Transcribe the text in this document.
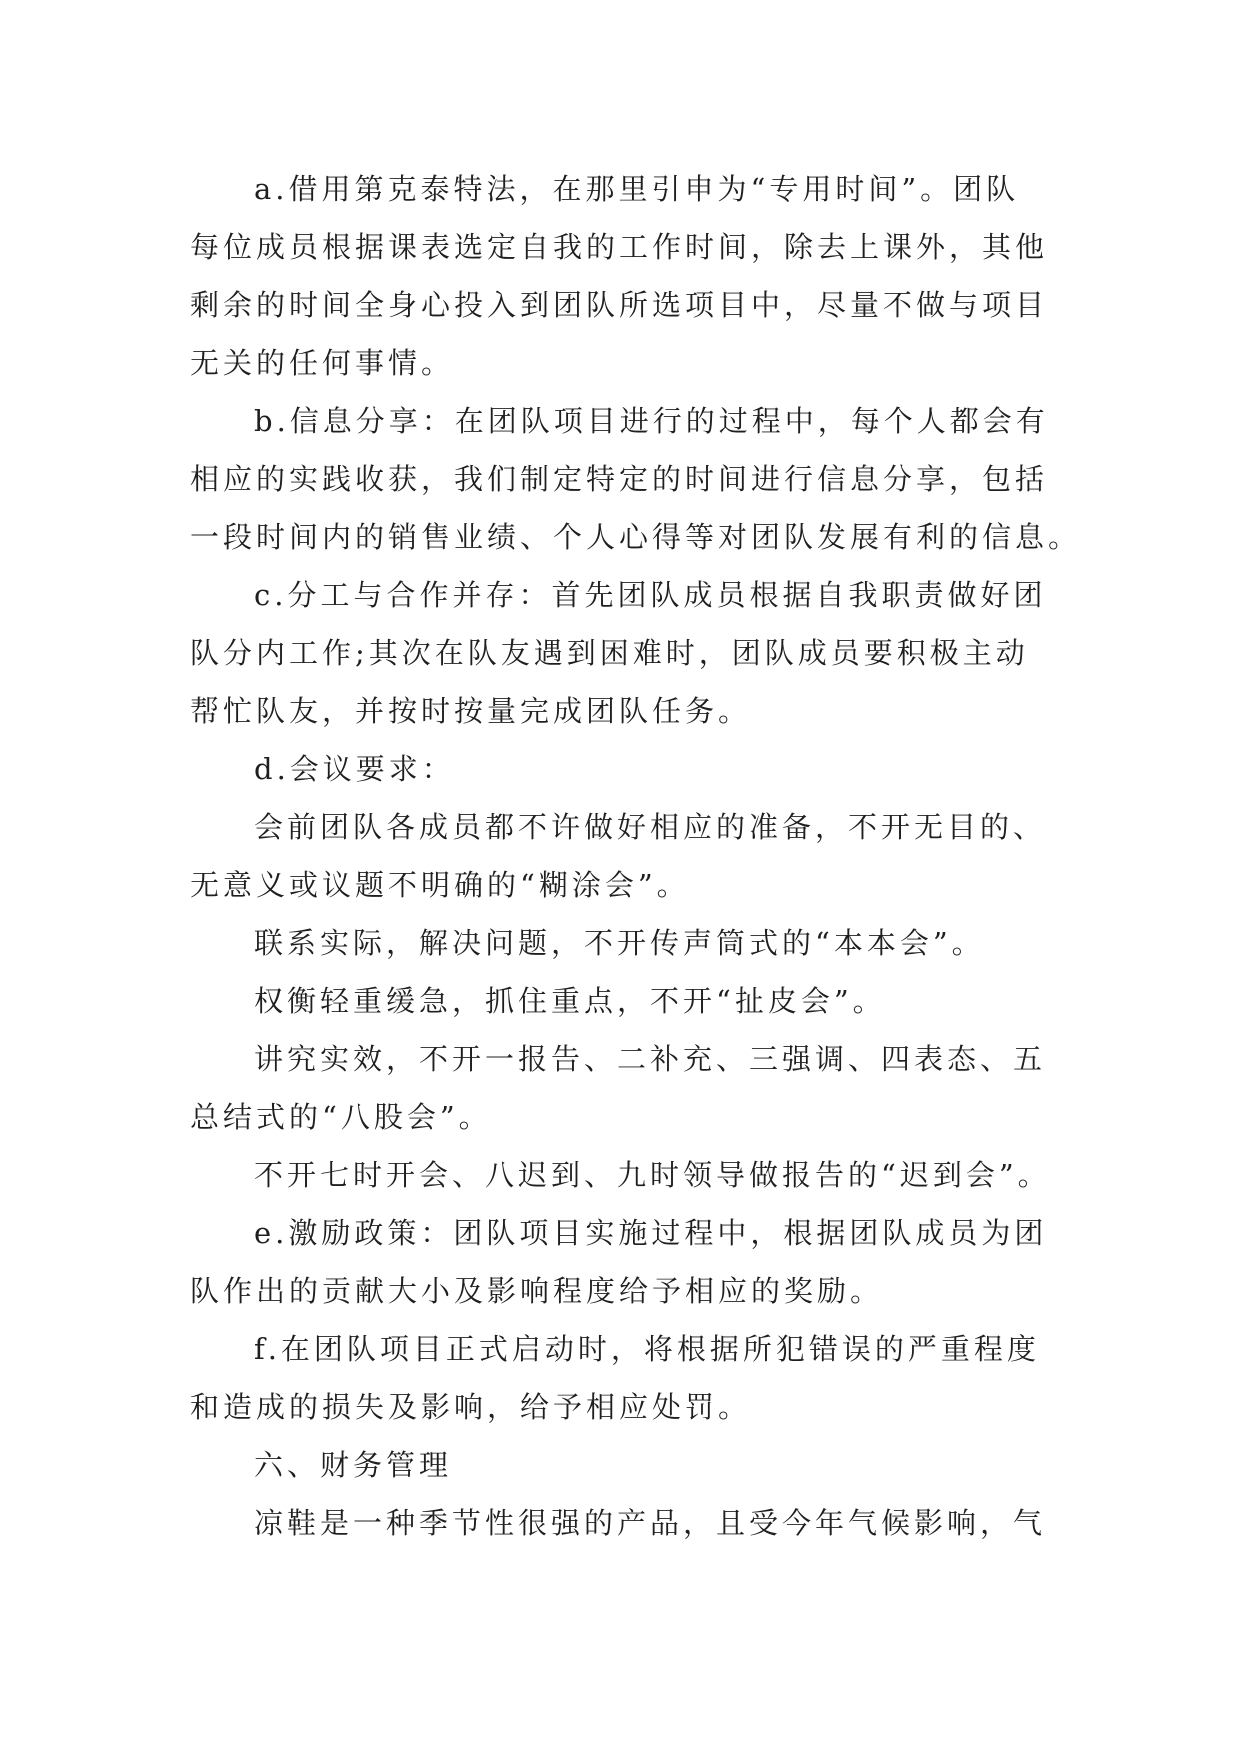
a.借用第克泰特法，在那里引申为“专用时间”。团队
每位成员根据课表选定自我的工作时间，除去上课外，其他
剩余的时间全身心投入到团队所选项目中，尽量不做与项目
无关的任何事情。
b.信息分享：在团队项目进行的过程中，每个人都会有
相应的实践收获，我们制定特定的时间进行信息分享，包括
一段时间内的销售业绩、个人心得等对团队发展有利的信息。
c.分工与合作并存：首先团队成员根据自我职责做好团
队分内工作;其次在队友遇到困难时，团队成员要积极主动
帮忙队友，并按时按量完成团队任务。
d.会议要求：
会前团队各成员都不许做好相应的准备，不开无目的、
无意义或议题不明确的“糊涂会”。
联系实际，解决问题，不开传声筒式的“本本会”。
权衡轻重缓急，抓住重点，不开“扯皮会”。
讲究实效，不开一报告、二补充、三强调、四表态、五
总结式的“八股会”。
不开七时开会、八迟到、九时领导做报告的“迟到会”。
e.激励政策：团队项目实施过程中，根据团队成员为团
队作出的贡献大小及影响程度给予相应的奖励。
f.在团队项目正式启动时，将根据所犯错误的严重程度
和造成的损失及影响，给予相应处罚。
六、财务管理
凉鞋是一种季节性很强的产品，且受今年气候影响，气
